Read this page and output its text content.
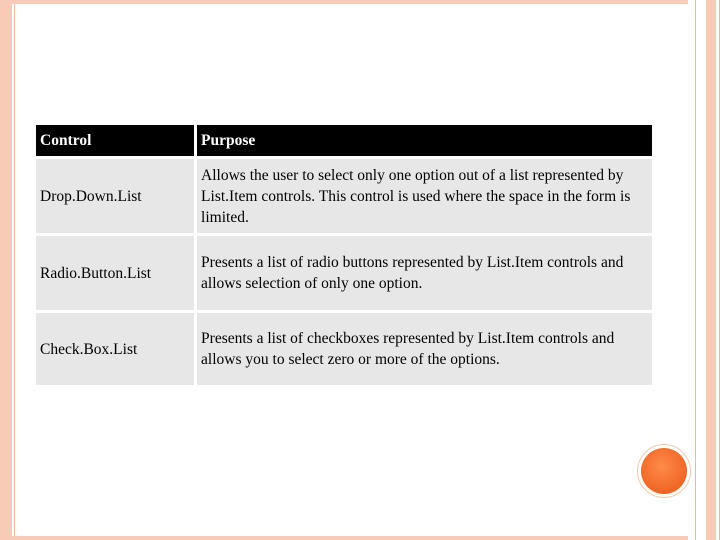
Control	Purpose
Drop.Down.List	Allows the user to select only one option out of a list represented by List.Item controls. This control is used where the space in the form is limited.
Radio.Button.List	Presents a list of radio buttons represented by List.Item controls and allows selection of only one option.
Check.Box.List	Presents a list of checkboxes represented by List.Item controls and allows you to select zero or more of the options.
